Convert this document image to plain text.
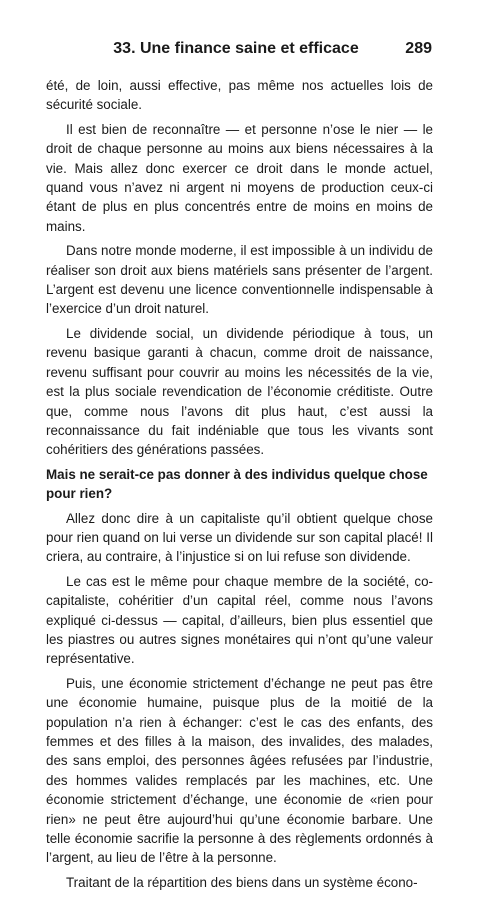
33. Une finance saine et efficace	289

été, de loin, aussi effective, pas même nos actuelles lois de sécurité sociale.

Il est bien de reconnaître — et personne n’ose le nier — le droit de chaque personne au moins aux biens nécessaires à la vie. Mais allez donc exercer ce droit dans le monde actuel, quand vous n’avez ni argent ni moyens de production ceux-ci étant de plus en plus concentrés entre de moins en moins de mains.

Dans notre monde moderne, il est impossible à un individu de réaliser son droit aux biens matériels sans présenter de l’argent. L’argent est devenu une licence conventionnelle indispensable à l’exercice d’un droit naturel.

Le dividende social, un dividende périodique à tous, un revenu basique garanti à chacun, comme droit de naissance, revenu suffisant pour couvrir au moins les nécessités de la vie, est la plus sociale revendication de l’économie créditiste. Outre que, comme nous l’avons dit plus haut, c’est aussi la reconnaissance du fait indéniable que tous les vivants sont cohéritiers des générations passées.

Mais ne serait-ce pas donner à des individus quelque chose pour rien?

Allez donc dire à un capitaliste qu’il obtient quelque chose pour rien quand on lui verse un dividende sur son capital placé! Il criera, au contraire, à l’injustice si on lui refuse son dividende.

Le cas est le même pour chaque membre de la société, co-capitaliste, cohéritier d’un capital réel, comme nous l’avons expliqué ci-dessus — capital, d’ailleurs, bien plus essentiel que les piastres ou autres signes monétaires qui n’ont qu’une valeur représentative.

Puis, une économie strictement d’échange ne peut pas être une économie humaine, puisque plus de la moitié de la population n’a rien à échanger: c’est le cas des enfants, des femmes et des filles à la maison, des invalides, des malades, des sans emploi, des personnes âgées refusées par l’industrie, des hommes valides remplacés par les machines, etc. Une économie strictement d’échange, une économie de «rien pour rien» ne peut être aujourd’hui qu’une économie barbare. Une telle économie sacrifie la personne à des règlements ordonnés à l’argent, au lieu de l’être à la personne.

Traitant de la répartition des biens dans un système écono-
